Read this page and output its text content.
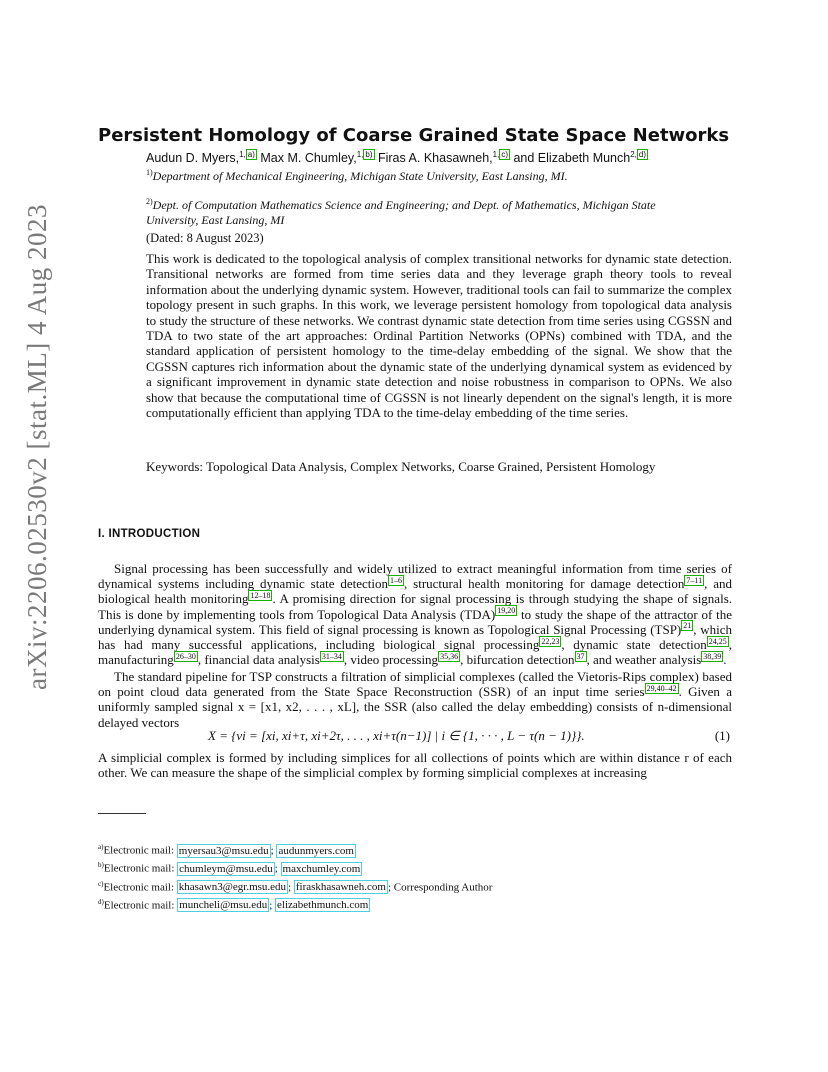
arXiv:2206.02530v2 [stat.ML] 4 Aug 2023
Persistent Homology of Coarse Grained State Space Networks
Audun D. Myers,$^{1,}$ $^{a)}$ Max M. Chumley,$^{1,}$ $^{b)}$ Firas A. Khasawneh,$^{1,}$ $^{c)}$ and Elizabeth Munch$^{2,}$ $^{d)}$
$^{1)}$Department of Mechanical Engineering, Michigan State University, East Lansing, MI.
$^{2)}$Dept. of Computation Mathematics Science and Engineering; and Dept. of Mathematics, Michigan State University, East Lansing, MI
(Dated: 8 August 2023)

This work is dedicated to the topological analysis of complex transitional networks for dynamic state detection. Transitional networks are formed from time series data and they leverage graph theory tools to reveal information about the underlying dynamic system. However, traditional tools can fail to summarize the complex topology present in such graphs. In this work, we leverage persistent homology from topological data analysis to study the structure of these networks. We contrast dynamic state detection from time series using CGSSN and TDA to two state of the art approaches: Ordinal Partition Networks (OPNs) combined with TDA, and the standard application of persistent homology to the time-delay embedding of the signal. We show that the CGSSN captures rich information about the dynamic state of the underlying dynamical system as evidenced by a significant improvement in dynamic state detection and noise robustness in comparison to OPNs. We also show that because the computational time of CGSSN is not linearly dependent on the signal's length, it is more computationally efficient than applying TDA to the time-delay embedding of the time series.

Keywords: Topological Data Analysis, Complex Networks, Coarse Grained, Persistent Homology
I. INTRODUCTION

Signal processing has been successfully and widely utilized to extract meaningful information from time series of dynamical systems including dynamic state detection $^{1-6}$ , structural health monitoring for damage detection $^{7-11}$ , and biological health monitoring $^{12-18}$ . A promising direction for signal processing is through studying the shape of signals. This is done by implementing tools from Topological Data Analysis (TDA) $^{19,20}$ to study the shape of the attractor of the underlying dynamical system. This field of signal processing is known as Topological Signal Processing (TSP) $^{21}$ , which has had many successful applications, including biological signal processing $^{22,23}$ , dynamic state detection $^{24,25}$ , manufacturing $^{26-30}$ , financial data analysis $^{31-34}$ , video processing $^{35,36}$ , bifurcation detection $^{37}$ , and weather analysis $^{38,39}$ .

The standard pipeline for TSP constructs a filtration of simplicial complexes (called the Vietoris-Rips complex) based on point cloud data generated from the State Space Reconstruction (SSR) of an input time series $^{29,40-42}$ . Given a uniformly sampled signal x = [x1, x2, . . . , xL], the SSR (also called the delay embedding) consists of n-dimensional delayed vectors

X = {vi = [xi, xi+τ, xi+2τ, . . . , xi+τ(n−1)] | i ∈ {1, · · · , L − τ(n − 1)}}.	(1)

A simplicial complex is formed by including simplices for all collections of points which are within distance r of each other. We can measure the shape of the simplicial complex by forming simplicial complexes at increasing

$^{a)}$Electronic mail: myersau3@msu.edu ; audunmyers.com
$^{b)}$Electronic mail: chumleym@msu.edu ; maxchumley.com
$^{c)}$Electronic mail: khasawn3@egr.msu.edu ; firaskhasawneh.com ; Corresponding Author
$^{d)}$Electronic mail: muncheli@msu.edu ; elizabethmunch.com
